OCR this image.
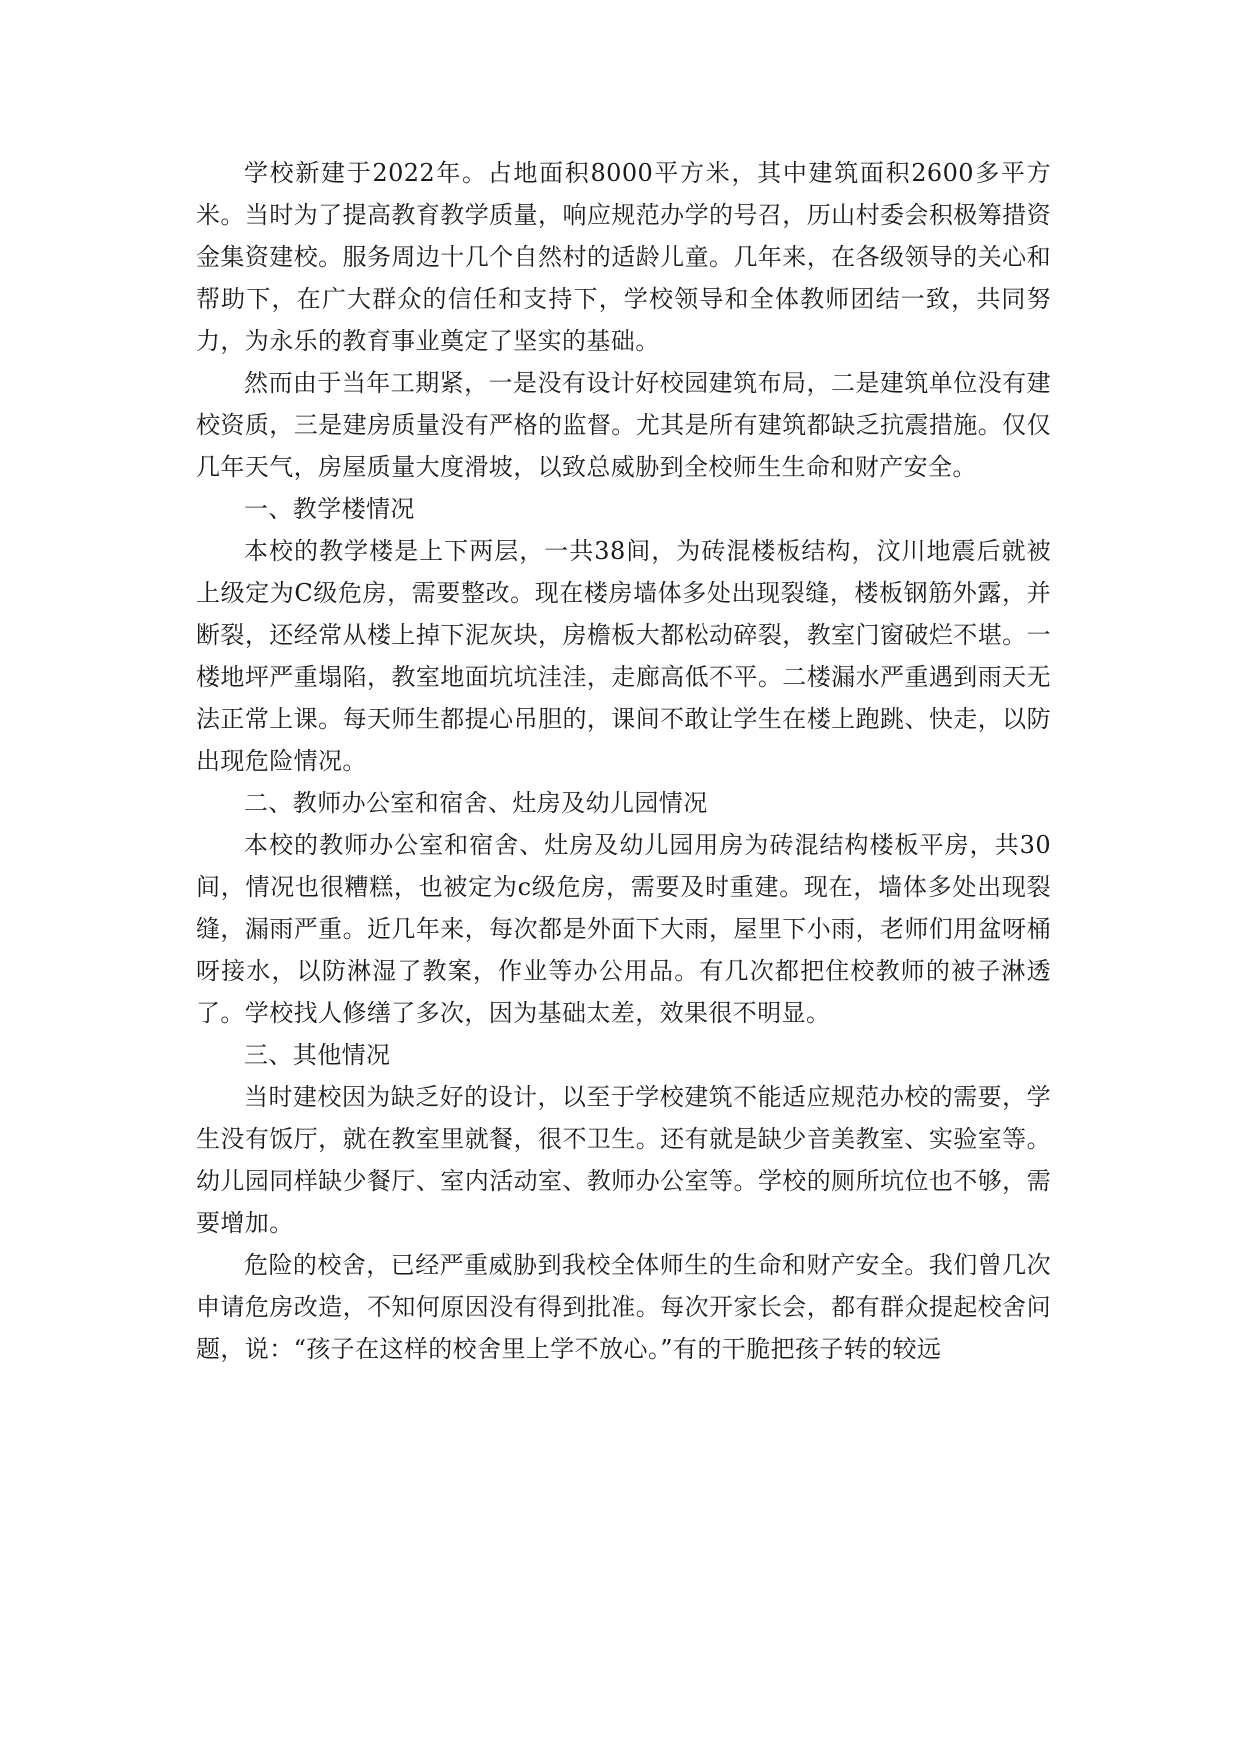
学校新建于2022年。占地面积8000平方米，其中建筑面积2600多平方米。当时为了提高教育教学质量，响应规范办学的号召，历山村委会积极筹措资金集资建校。服务周边十几个自然村的适龄儿童。几年来，在各级领导的关心和帮助下，在广大群众的信任和支持下，学校领导和全体教师团结一致，共同努力，为永乐的教育事业奠定了坚实的基础。

然而由于当年工期紧，一是没有设计好校园建筑布局，二是建筑单位没有建校资质，三是建房质量没有严格的监督。尤其是所有建筑都缺乏抗震措施。仅仅几年天气，房屋质量大度滑坡，以致总威胁到全校师生生命和财产安全。

一、教学楼情况

本校的教学楼是上下两层，一共38间，为砖混楼板结构，汶川地震后就被上级定为C级危房，需要整改。现在楼房墙体多处出现裂缝，楼板钢筋外露，并断裂，还经常从楼上掉下泥灰块，房檐板大都松动碎裂，教室门窗破烂不堪。一楼地坪严重塌陷，教室地面坑坑洼洼，走廊高低不平。二楼漏水严重遇到雨天无法正常上课。每天师生都提心吊胆的，课间不敢让学生在楼上跑跳、快走，以防出现危险情况。

二、教师办公室和宿舍、灶房及幼儿园情况

本校的教师办公室和宿舍、灶房及幼儿园用房为砖混结构楼板平房，共30间，情况也很糟糕，也被定为c级危房，需要及时重建。现在，墙体多处出现裂缝，漏雨严重。近几年来，每次都是外面下大雨，屋里下小雨，老师们用盆呀桶呀接水，以防淋湿了教案，作业等办公用品。有几次都把住校教师的被子淋透了。学校找人修缮了多次，因为基础太差，效果很不明显。

三、其他情况

当时建校因为缺乏好的设计，以至于学校建筑不能适应规范办校的需要，学生没有饭厅，就在教室里就餐，很不卫生。还有就是缺少音美教室、实验室等。幼儿园同样缺少餐厅、室内活动室、教师办公室等。学校的厕所坑位也不够，需要增加。

危险的校舍，已经严重威胁到我校全体师生的生命和财产安全。我们曾几次申请危房改造，不知何原因没有得到批准。每次开家长会，都有群众提起校舍问题，说：“孩子在这样的校舍里上学不放心。”有的干脆把孩子转的较远
